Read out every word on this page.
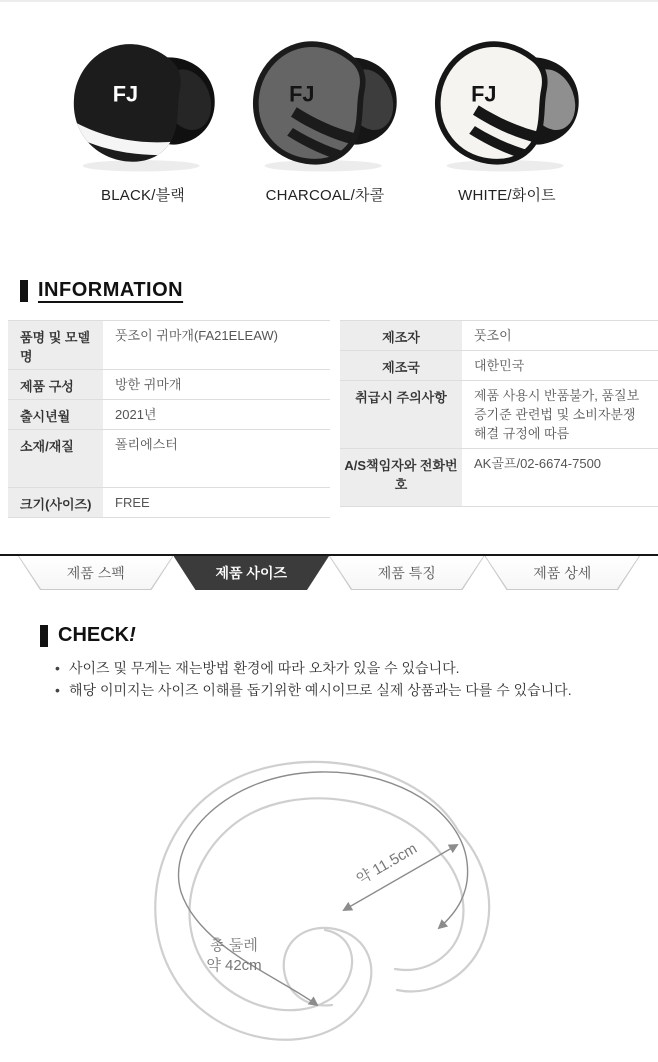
FJ
BLACK/블랙
FJ
CHARCOAL/차콜
FJ
WHITE/화이트
INFORMATION
품명 및 모델명	풋조이 귀마개(FA21ELEAW)
제품 구성	방한 귀마개
출시년월	2021년
소재/재질	폴리에스터
크기(사이즈)	FREE
제조자	풋조이
제조국	대한민국
취급시 주의사항	제품 사용시 반품불가, 품질보증기준 관련법 및 소비자분쟁해결 규정에 따름
A/S책임자와 전화번호	AK골프/02-6674-7500
제품 스펙	제품 사이즈	제품 특징	제품 상세
CHECK!
• 사이즈 및 무게는 재는방법 환경에 따라 오차가 있을 수 있습니다.
• 해당 이미지는 사이즈 이해를 돕기위한 예시이므로 실제 상품과는 다를 수 있습니다.
약 11.5cm
총 둘레
약 42cm
